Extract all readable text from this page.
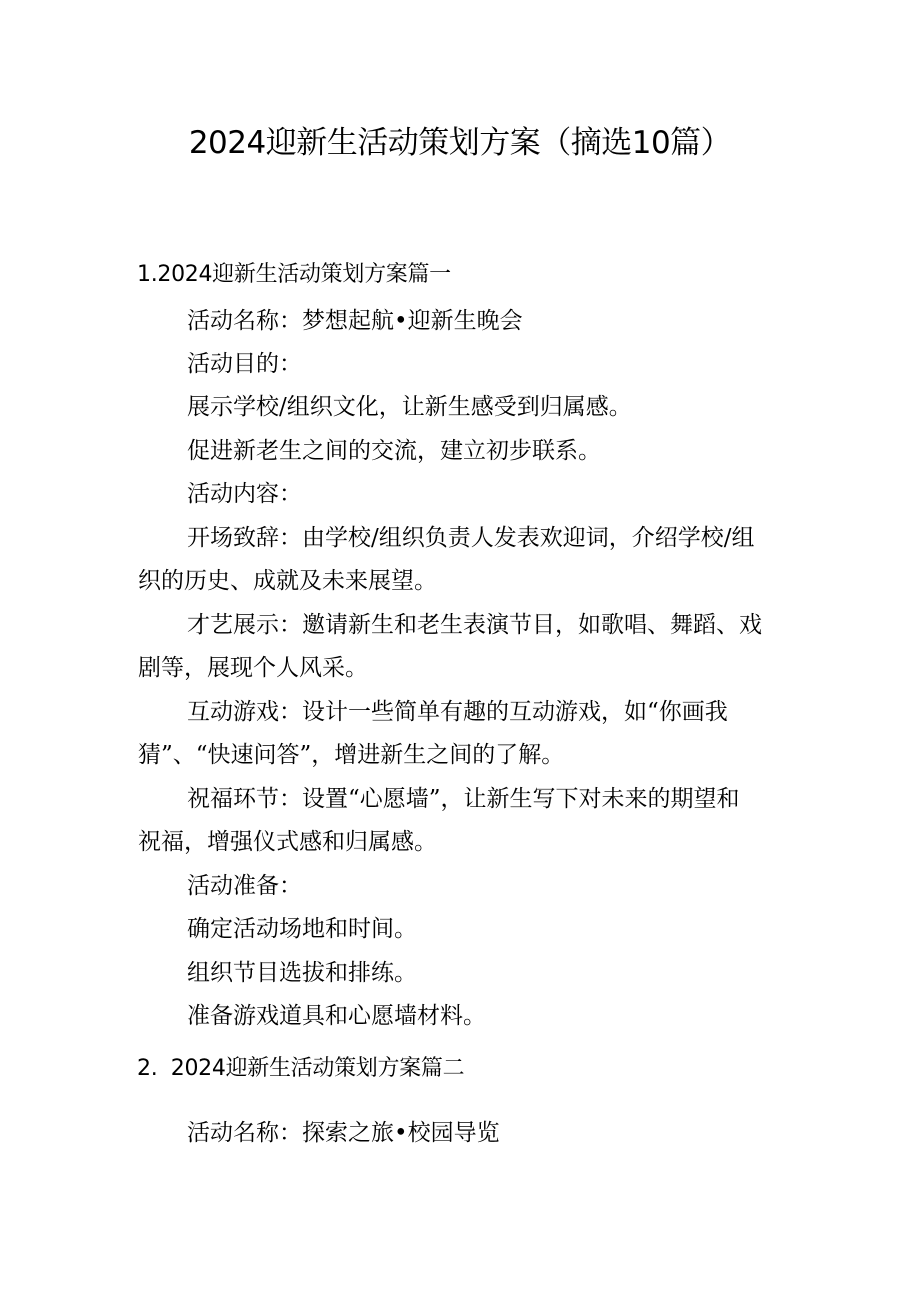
2024迎新生活动策划方案（摘选10篇）
1.2024迎新生活动策划方案篇一
活动名称：梦想起航•迎新生晚会
活动目的：
展示学校/组织文化，让新生感受到归属感。
促进新老生之间的交流，建立初步联系。
活动内容：
开场致辞：由学校/组织负责人发表欢迎词，介绍学校/组
织的历史、成就及未来展望。
才艺展示：邀请新生和老生表演节目，如歌唱、舞蹈、戏
剧等，展现个人风采。
互动游戏：设计一些简单有趣的互动游戏，如“你画我
猜”、“快速问答”，增进新生之间的了解。
祝福环节：设置“心愿墙”，让新生写下对未来的期望和
祝福，增强仪式感和归属感。
活动准备：
确定活动场地和时间。
组织节目选拔和排练。
准备游戏道具和心愿墙材料。
2.  2024迎新生活动策划方案篇二
活动名称：探索之旅•校园导览
